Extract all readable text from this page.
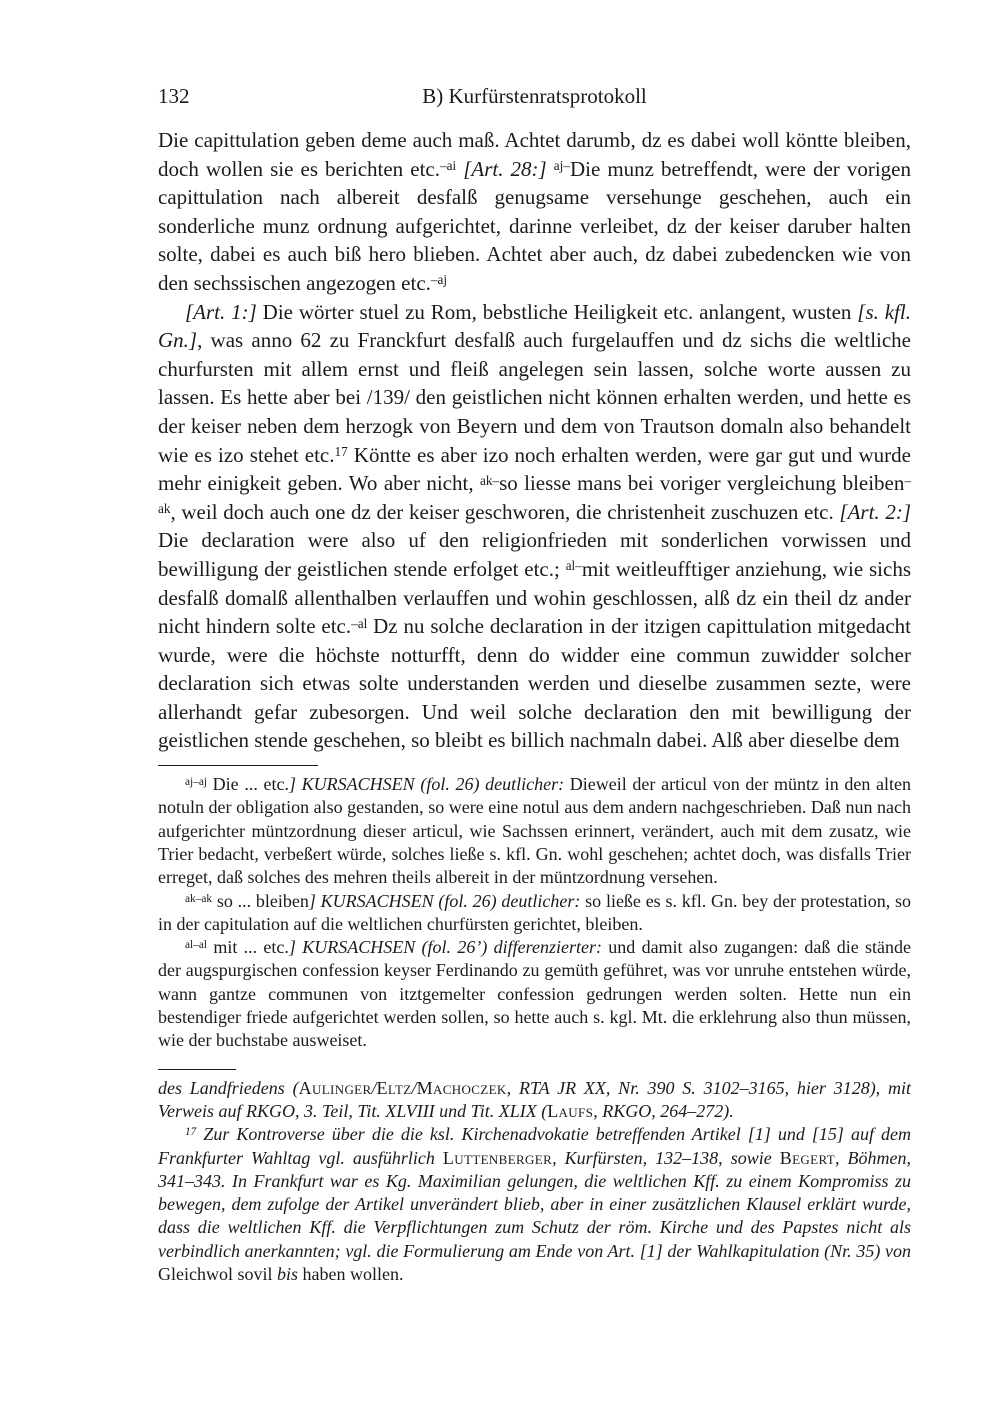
132	B) Kurfürstenratsprotokoll

Die capittulation geben deme auch maß. Achtet darumb, dz es dabei woll köntte bleiben, doch wollen sie es berichten etc.$^{-ai}$ [Art. 28:] $^{aj-}$Die munz betreffendt, were der vorigen capittulation nach albereit desfalß genugsame versehunge geschehen, auch ein sonderliche munz ordnung aufgerichtet, darinne verleibet, dz der keiser daruber halten solte, dabei es auch biß hero blieben. Achtet aber auch, dz dabei zubedencken wie von den sechssischen angezogen etc.$^{-aj}$

[Art. 1:] Die wörter stuel zu Rom, bebstliche Heiligkeit etc. anlangent, wusten [s. kfl. Gn.], was anno 62 zu Franckfurt desfalß auch furgelauffen und dz sichs die weltliche churfursten mit allem ernst und fleiß angelegen sein lassen, solche worte aussen zu lassen. Es hette aber bei /139/ den geistlichen nicht können erhalten werden, und hette es der keiser neben dem herzogk von Beyern und dem von Trautson domaln also behandelt wie es izo stehet etc.$^{17}$ Köntte es aber izo noch erhalten werden, were gar gut und wurde mehr einigkeit geben. Wo aber nicht, $^{ak-}$so liesse mans bei voriger vergleichung bleiben$^{-ak}$, weil doch auch one dz der keiser geschworen, die christenheit zuschuzen etc. [Art. 2:] Die declaration were also uf den religionfrieden mit sonderlichen vorwissen und bewilligung der geistlichen stende erfolget etc.; $^{al-}$mit weitleufftiger anziehung, wie sichs desfalß domalß allenthalben verlauffen und wohin geschlossen, alß dz ein theil dz ander nicht hindern solte etc.$^{-al}$ Dz nu solche declaration in der itzigen capittulation mitgedacht wurde, were die höchste notturfft, denn do widder eine commun zuwidder solcher declaration sich etwas solte understanden werden und dieselbe zusammen sezte, were allerhandt gefar zubesorgen. Und weil solche declaration den mit bewilligung der geistlichen stende geschehen, so bleibt es billich nachmaln dabei. Alß aber dieselbe dem

$^{aj-aj}$ Die ... etc.] KURSACHSEN (fol. 26) deutlicher: Dieweil der articul von der müntz in den alten notuln der obligation also gestanden, so were eine notul aus dem andern nachgeschrieben. Daß nun nach aufgerichter müntzordnung dieser articul, wie Sachssen erinnert, verändert, auch mit dem zusatz, wie Trier bedacht, verbeßert würde, solches ließe s. kfl. Gn. wohl geschehen; achtet doch, was disfalls Trier erreget, daß solches des mehren theils albereit in der müntzordnung versehen.

$^{ak-ak}$ so ... bleiben] KURSACHSEN (fol. 26) deutlicher: so ließe es s. kfl. Gn. bey der protestation, so in der capitulation auf die weltlichen churfürsten gerichtet, bleiben.

$^{al-al}$ mit ... etc.] KURSACHSEN (fol. 26’) differenzierter: und damit also zugangen: daß die stände der augspurgischen confession keyser Ferdinando zu gemüth geführet, was vor unruhe entstehen würde, wann gantze communen von itztgemelter confession gedrungen werden solten. Hette nun ein bestendiger friede aufgerichtet werden sollen, so hette auch s. kgl. Mt. die erklehrung also thun müssen, wie der buchstabe ausweiset.

des Landfriedens (Aulinger/Eltz/Machoczek, RTA JR XX, Nr. 390 S. 3102–3165, hier 3128), mit Verweis auf RKGO, 3. Teil, Tit. XLVIII und Tit. XLIX (Laufs, RKGO, 264–272).

$^{17}$ Zur Kontroverse über die die ksl. Kirchenadvokatie betreffenden Artikel [1] und [15] auf dem Frankfurter Wahltag vgl. ausführlich Luttenberger, Kurfürsten, 132–138, sowie Begert, Böhmen, 341–343. In Frankfurt war es Kg. Maximilian gelungen, die weltlichen Kff. zu einem Kompromiss zu bewegen, dem zufolge der Artikel unverändert blieb, aber in einer zusätzlichen Klausel erklärt wurde, dass die weltlichen Kff. die Verpflichtungen zum Schutz der röm. Kirche und des Papstes nicht als verbindlich anerkannten; vgl. die Formulierung am Ende von Art. [1] der Wahlkapitulation (Nr. 35) von Gleichwol sovil bis haben wollen.
